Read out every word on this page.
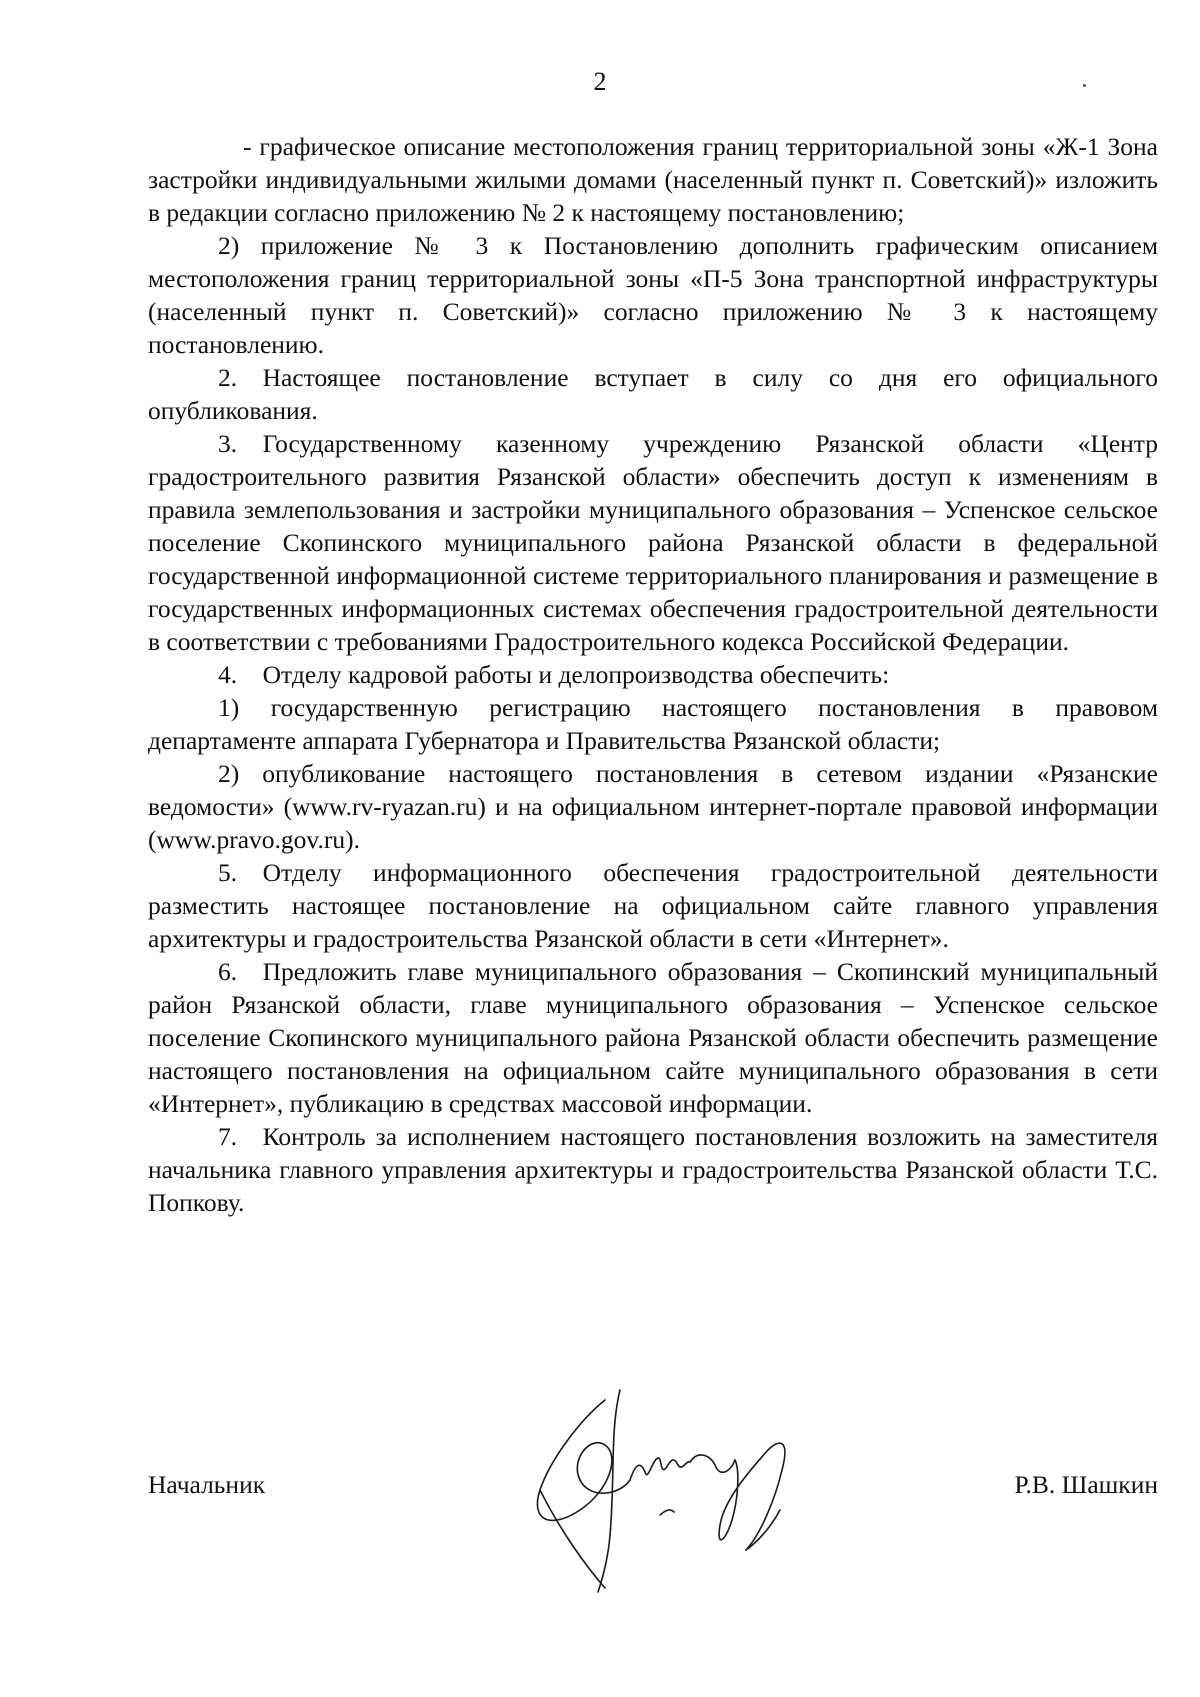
2

- графическое описание местоположения границ территориальной зоны «Ж-1 Зона застройки индивидуальными жилыми домами (населенный пункт п. Советский)» изложить в редакции согласно приложению № 2 к настоящему постановлению;

2) приложение № 3 к Постановлению дополнить графическим описанием местоположения границ территориальной зоны «П-5 Зона транспортной инфраструктуры (населенный пункт п. Советский)» согласно приложению № 3 к настоящему постановлению.

2. Настоящее постановление вступает в силу со дня его официального опубликования.

3. Государственному казенному учреждению Рязанской области «Центр градостроительного развития Рязанской области» обеспечить доступ к изменениям в правила землепользования и застройки муниципального образования – Успенское сельское поселение Скопинского муниципального района Рязанской области в федеральной государственной информационной системе территориального планирования и размещение в государственных информационных системах обеспечения градостроительной деятельности в соответствии с требованиями Градостроительного кодекса Российской Федерации.

4. Отделу кадровой работы и делопроизводства обеспечить:

1) государственную регистрацию настоящего постановления в правовом департаменте аппарата Губернатора и Правительства Рязанской области;

2) опубликование настоящего постановления в сетевом издании «Рязанские ведомости» (www.rv-ryazan.ru) и на официальном интернет-портале правовой информации (www.pravo.gov.ru).

5. Отделу информационного обеспечения градостроительной деятельности разместить настоящее постановление на официальном сайте главного управления архитектуры и градостроительства Рязанской области в сети «Интернет».

6. Предложить главе муниципального образования – Скопинский муниципальный район Рязанской области, главе муниципального образования – Успенское сельское поселение Скопинского муниципального района Рязанской области обеспечить размещение настоящего постановления на официальном сайте муниципального образования в сети «Интернет», публикацию в средствах массовой информации.

7. Контроль за исполнением настоящего постановления возложить на заместителя начальника главного управления архитектуры и градостроительства Рязанской области Т.С. Попкову.

Начальник	Р.В. Шашкин
